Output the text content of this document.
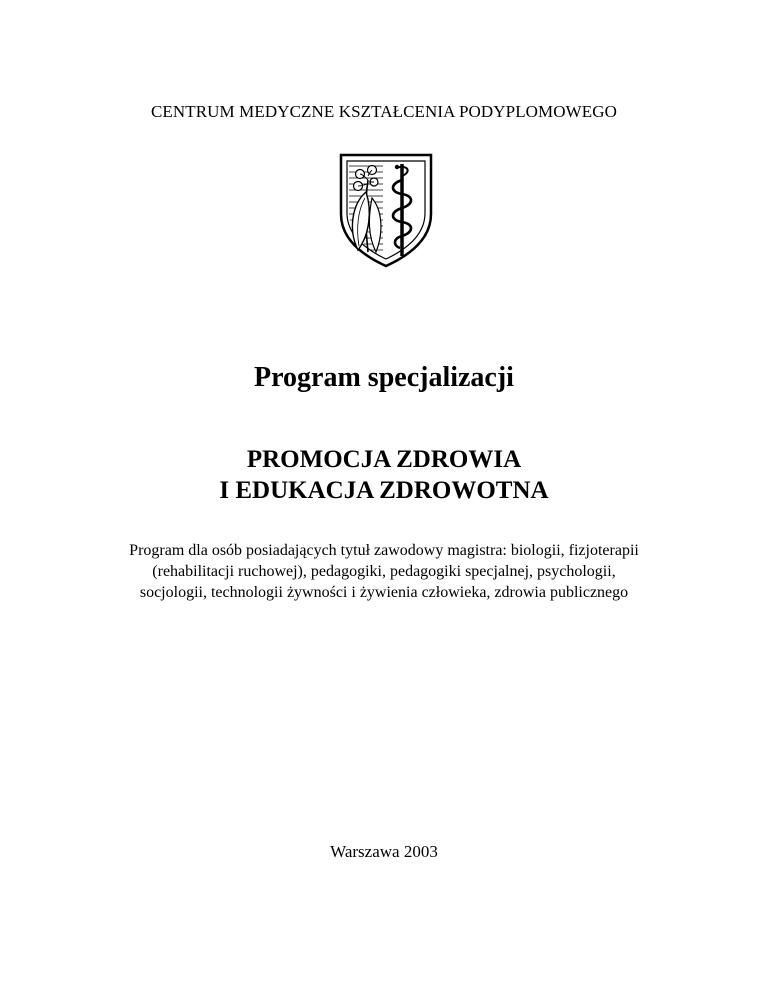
CENTRUM MEDYCZNE KSZTAŁCENIA PODYPLOMOWEGO
Program specjalizacji
PROMOCJA ZDROWIA
I EDUKACJA ZDROWOTNA
Program dla osób posiadających tytuł zawodowy magistra: biologii, fizjoterapii
(rehabilitacji ruchowej), pedagogiki, pedagogiki specjalnej, psychologii,
socjologii, technologii żywności i żywienia człowieka, zdrowia publicznego
Warszawa 2003
